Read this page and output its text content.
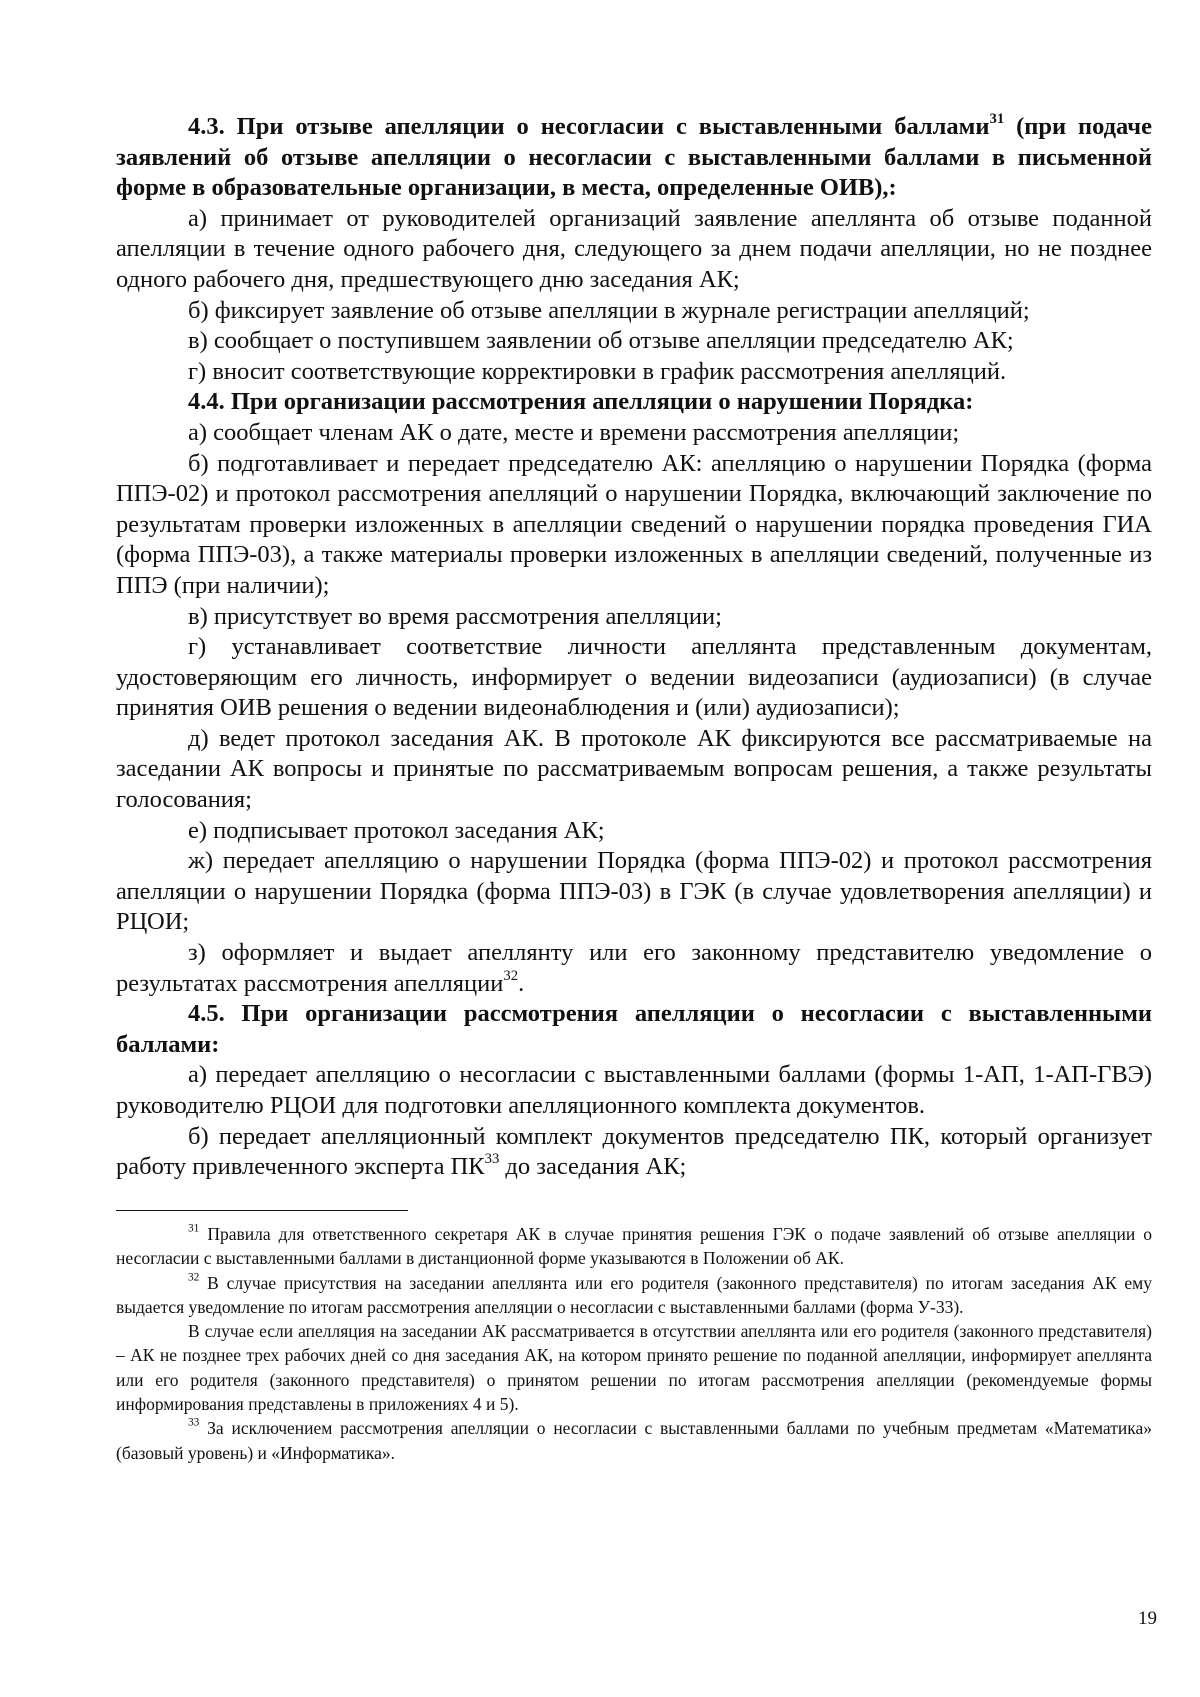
4.3. При отзыве апелляции о несогласии с выставленными баллами$^{31}$ (при подаче заявлений об отзыве апелляции о несогласии с выставленными баллами в письменной форме в образовательные организации, в места, определенные ОИВ),:

а) принимает от руководителей организаций заявление апеллянта об отзыве поданной апелляции в течение одного рабочего дня, следующего за днем подачи апелляции, но не позднее одного рабочего дня, предшествующего дню заседания АК;

б) фиксирует заявление об отзыве апелляции в журнале регистрации апелляций;

в) сообщает о поступившем заявлении об отзыве апелляции председателю АК;

г) вносит соответствующие корректировки в график рассмотрения апелляций.

4.4. При организации рассмотрения апелляции о нарушении Порядка:

а) сообщает членам АК о дате, месте и времени рассмотрения апелляции;

б) подготавливает и передает председателю АК: апелляцию о нарушении Порядка (форма ППЭ-02) и протокол рассмотрения апелляций о нарушении Порядка, включающий заключение по результатам проверки изложенных в апелляции сведений о нарушении порядка проведения ГИА (форма ППЭ-03), а также материалы проверки изложенных в апелляции сведений, полученные из ППЭ (при наличии);

в) присутствует во время рассмотрения апелляции;

г) устанавливает соответствие личности апеллянта представленным документам, удостоверяющим его личность, информирует о ведении видеозаписи (аудиозаписи) (в случае принятия ОИВ решения о ведении видеонаблюдения и (или) аудиозаписи);

д) ведет протокол заседания АК. В протоколе АК фиксируются все рассматриваемые на заседании АК вопросы и принятые по рассматриваемым вопросам решения, а также результаты голосования;

е) подписывает протокол заседания АК;

ж) передает апелляцию о нарушении Порядка (форма ППЭ-02) и протокол рассмотрения апелляции о нарушении Порядка (форма ППЭ-03) в ГЭК (в случае удовлетворения апелляции) и РЦОИ;

з) оформляет и выдает апеллянту или его законному представителю уведомление о результатах рассмотрения апелляции$^{32}$.

4.5. При организации рассмотрения апелляции о несогласии с выставленными баллами:

а) передает апелляцию о несогласии с выставленными баллами (формы 1-АП, 1-АП-ГВЭ) руководителю РЦОИ для подготовки апелляционного комплекта документов.

б) передает апелляционный комплект документов председателю ПК, который организует работу привлеченного эксперта ПК$^{33}$ до заседания АК;

$^{31}$ Правила для ответственного секретаря АК в случае принятия решения ГЭК о подаче заявлений об отзыве апелляции о несогласии с выставленными баллами в дистанционной форме указываются в Положении об АК.

$^{32}$ В случае присутствия на заседании апеллянта или его родителя (законного представителя) по итогам заседания АК ему выдается уведомление по итогам рассмотрения апелляции о несогласии с выставленными баллами (форма У-33).

В случае если апелляция на заседании АК рассматривается в отсутствии апеллянта или его родителя (законного представителя) – АК не позднее трех рабочих дней со дня заседания АК, на котором принято решение по поданной апелляции, информирует апеллянта или его родителя (законного представителя) о принятом решении по итогам рассмотрения апелляции (рекомендуемые формы информирования представлены в приложениях 4 и 5).

$^{33}$ За исключением рассмотрения апелляции о несогласии с выставленными баллами по учебным предметам «Математика» (базовый уровень) и «Информатика».

19
